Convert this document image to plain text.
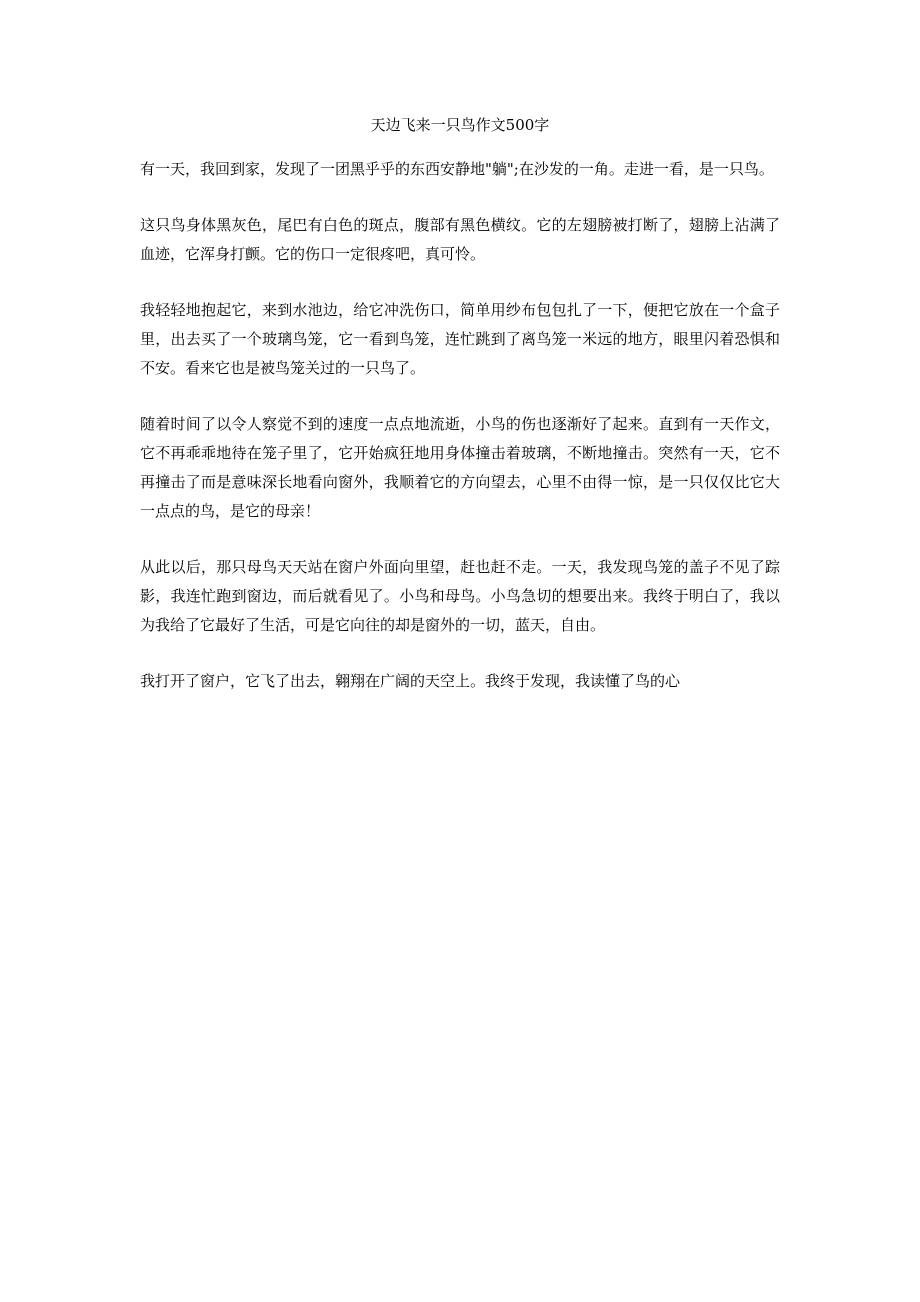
天边飞来一只鸟作文500字

有一天，我回到家，发现了一团黑乎乎的东西安静地"躺";在沙发的一角。走进一看，是一只鸟。

这只鸟身体黑灰色，尾巴有白色的斑点，腹部有黑色横纹。它的左翅膀被打断了，翅膀上沾满了血迹，它浑身打颤。它的伤口一定很疼吧，真可怜。

我轻轻地抱起它，来到水池边，给它冲洗伤口，简单用纱布包包扎了一下，便把它放在一个盒子里，出去买了一个玻璃鸟笼，它一看到鸟笼，连忙跳到了离鸟笼一米远的地方，眼里闪着恐惧和不安。看来它也是被鸟笼关过的一只鸟了。

随着时间了以令人察觉不到的速度一点点地流逝，小鸟的伤也逐渐好了起来。直到有一天作文，它不再乖乖地待在笼子里了，它开始疯狂地用身体撞击着玻璃，不断地撞击。突然有一天，它不再撞击了而是意味深长地看向窗外，我顺着它的方向望去，心里不由得一惊，是一只仅仅比它大一点点的鸟，是它的母亲！

从此以后，那只母鸟天天站在窗户外面向里望，赶也赶不走。一天，我发现鸟笼的盖子不见了踪影，我连忙跑到窗边，而后就看见了。小鸟和母鸟。小鸟急切的想要出来。我终于明白了，我以为我给了它最好了生活，可是它向往的却是窗外的一切，蓝天，自由。

我打开了窗户，它飞了出去，翱翔在广阔的天空上。我终于发现，我读懂了鸟的心
